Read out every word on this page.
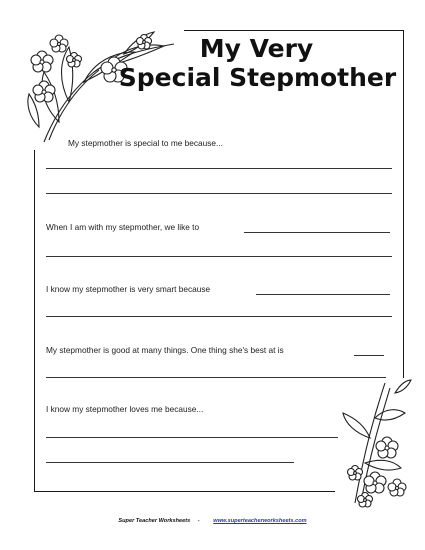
My Very
Special Stepmother
My stepmother is special to me because...
When I am with my stepmother, we like to
I know my stepmother is very smart because
My stepmother is good at many things. One thing she's best at is
I know my stepmother loves me because...
Super Teacher Worksheets - www.superteacherworksheets.com
